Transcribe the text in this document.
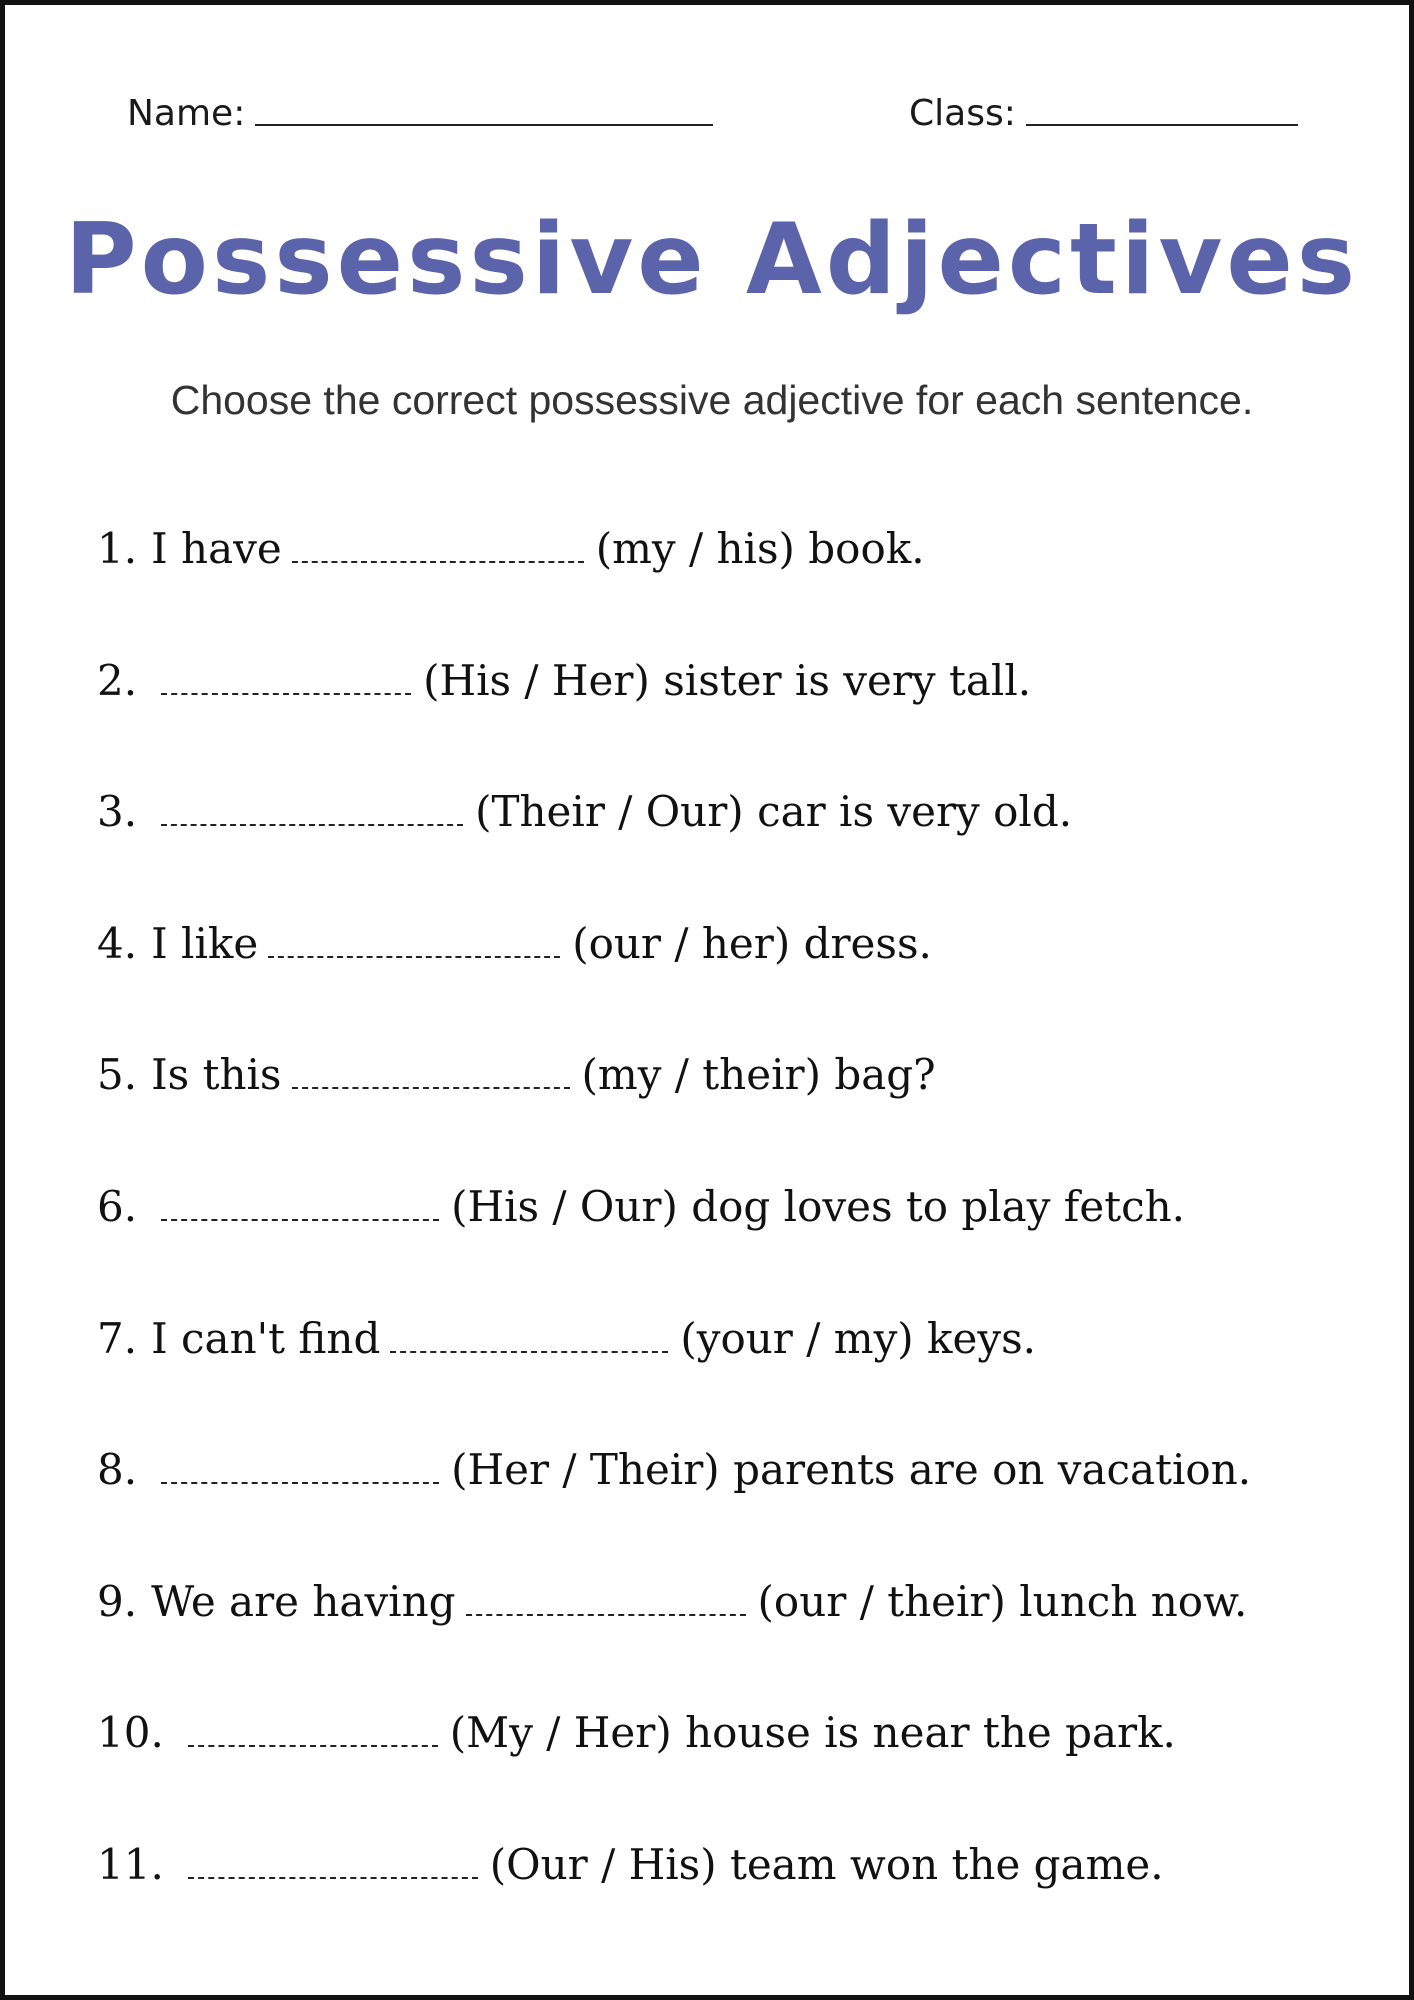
Name:	Class:
Possessive Adjectives
Choose the correct possessive adjective for each sentence.
1. I have	(my / his) book.
2.	(His / Her) sister is very tall.
3.	(Their / Our) car is very old.
4. I like	(our / her) dress.
5. Is this	(my / their) bag?
6.	(His / Our) dog loves to play fetch.
7. I can't find	(your / my) keys.
8.	(Her / Their) parents are on vacation.
9. We are having	(our / their) lunch now.
10.	(My / Her) house is near the park.
11.	(Our / His) team won the game.
